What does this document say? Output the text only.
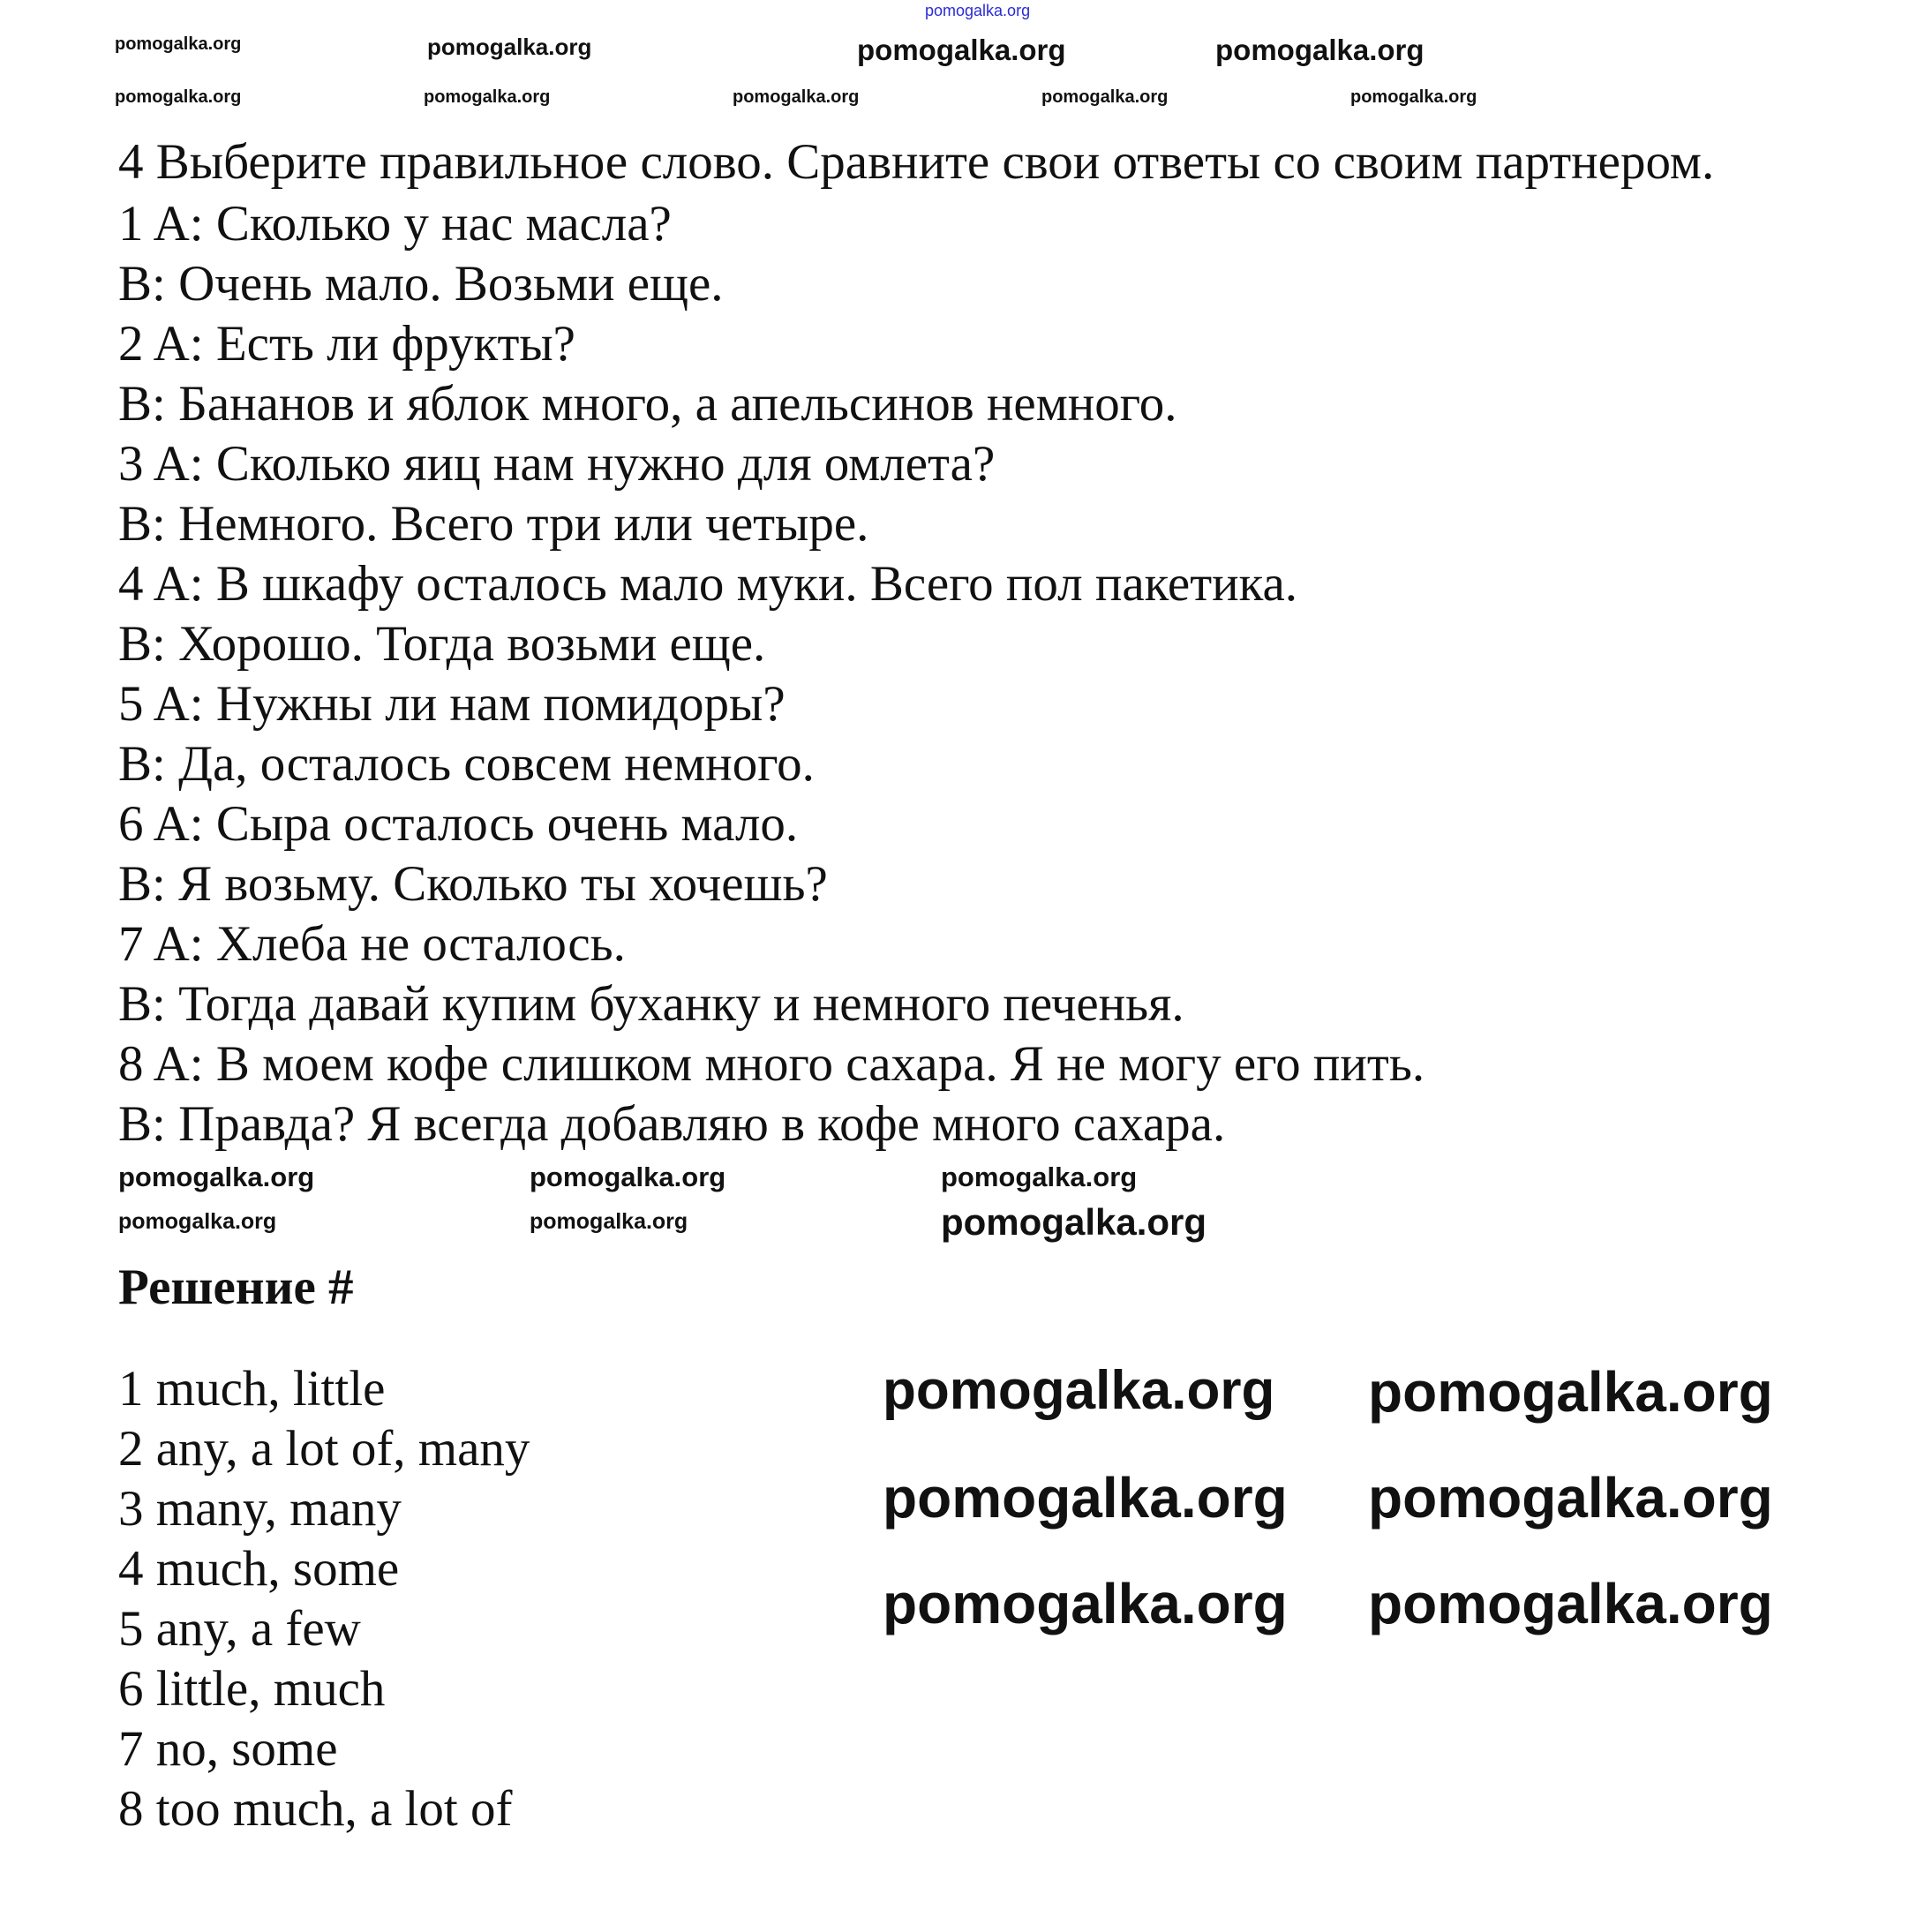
4 Выберите правильное слово. Сравните свои ответы со своим партнером.
1 A: Сколько у нас масла?
B: Очень мало. Возьми еще.
2 A: Есть ли фрукты?
B: Бананов и яблок много, а апельсинов немного.
3 A: Сколько яиц нам нужно для омлета?
B: Немного. Всего три или четыре.
4 A: В шкафу осталось мало муки. Всего пол пакетика.
B: Хорошо. Тогда возьми еще.
5 A: Нужны ли нам помидоры?
B: Да, осталось совсем немного.
6 A: Сыра осталось очень мало.
B: Я возьму. Сколько ты хочешь?
7 A: Хлеба не осталось.
B: Тогда давай купим буханку и немного печенья.
8 A: В моем кофе слишком много сахара. Я не могу его пить.
B: Правда? Я всегда добавляю в кофе много сахара.
Решение #
1 much, little
2 any, a lot of, many
3 many, many
4 much, some
5 any, a few
6 little, much
7 no, some
8 too much, a lot of
pomogalka.org
pomogalka.org	pomogalka.org	pomogalka.org	pomogalka.org
pomogalka.org	pomogalka.org	pomogalka.org	pomogalka.org	pomogalka.org
pomogalka.org	pomogalka.org	pomogalka.org
pomogalka.org	pomogalka.org	pomogalka.org
pomogalka.org pomogalka.org
pomogalka.org pomogalka.org
pomogalka.org pomogalka.org
